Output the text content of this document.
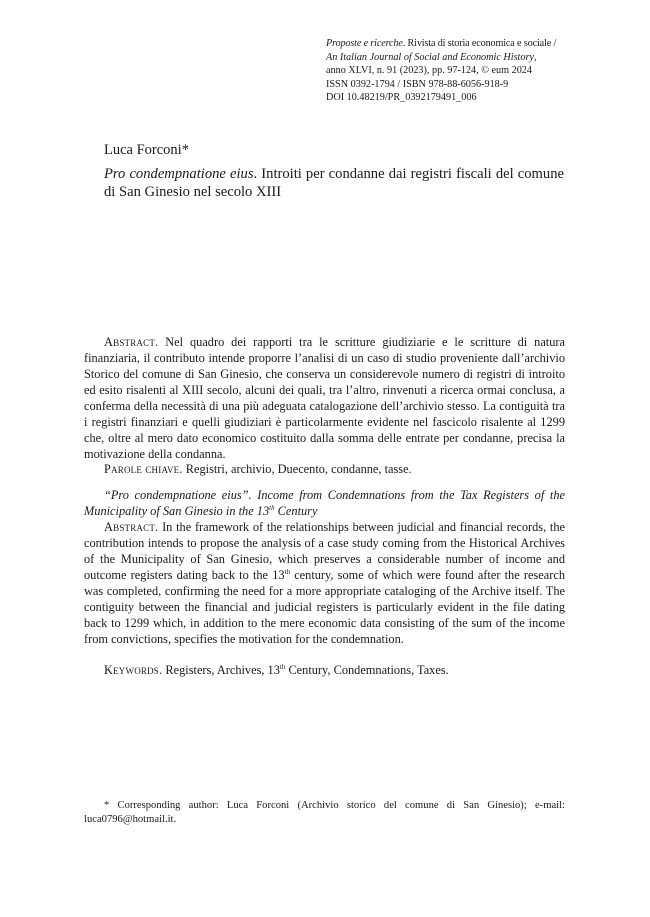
Proposte e ricerche. Rivista di storia economica e sociale /
An Italian Journal of Social and Economic History,
anno XLVI, n. 91 (2023), pp. 97-124, © eum 2024
ISSN 0392-1794 / ISBN 978-88-6056-918-9
DOI 10.48219/PR_0392179491_006
Luca Forconi*
Pro condempnatione eius. Introiti per condanne dai registri fiscali del comune di San Ginesio nel secolo XIII
Abstract. Nel quadro dei rapporti tra le scritture giudiziarie e le scritture di natura finanziaria, il contributo intende proporre l’analisi di un caso di studio proveniente dall’archivio Storico del comune di San Ginesio, che conserva un considerevole numero di registri di introito ed esito risalenti al XIII secolo, alcuni dei quali, tra l’altro, rinvenuti a ricerca ormai conclusa, a conferma della necessità di una più adeguata catalogazione dell’archivio stesso. La contiguità tra i registri finanziari e quelli giudiziari è particolarmente evidente nel fascicolo risalente al 1299 che, oltre al mero dato economico costituito dalla somma delle entrate per condanne, precisa la motivazione della condanna.
Parole chiave. Registri, archivio, Duecento, condanne, tasse.
“Pro condempnatione eius”. Income from Condemnations from the Tax Registers of the Municipality of San Ginesio in the 13th Century
Abstract. In the framework of the relationships between judicial and financial records, the contribution intends to propose the analysis of a case study coming from the Historical Archives of the Municipality of San Ginesio, which preserves a considerable number of income and outcome registers dating back to the 13th century, some of which were found after the research was completed, confirming the need for a more appropriate cataloging of the Archive itself. The contiguity between the financial and judicial registers is particularly evident in the file dating back to 1299 which, in addition to the mere economic data consisting of the sum of the income from convictions, specifies the motivation for the condemnation.
Keywords. Registers, Archives, 13th Century, Condemnations, Taxes.
* Corresponding author: Luca Forconi (Archivio storico del comune di San Ginesio); e-mail: luca0796@hotmail.it.
